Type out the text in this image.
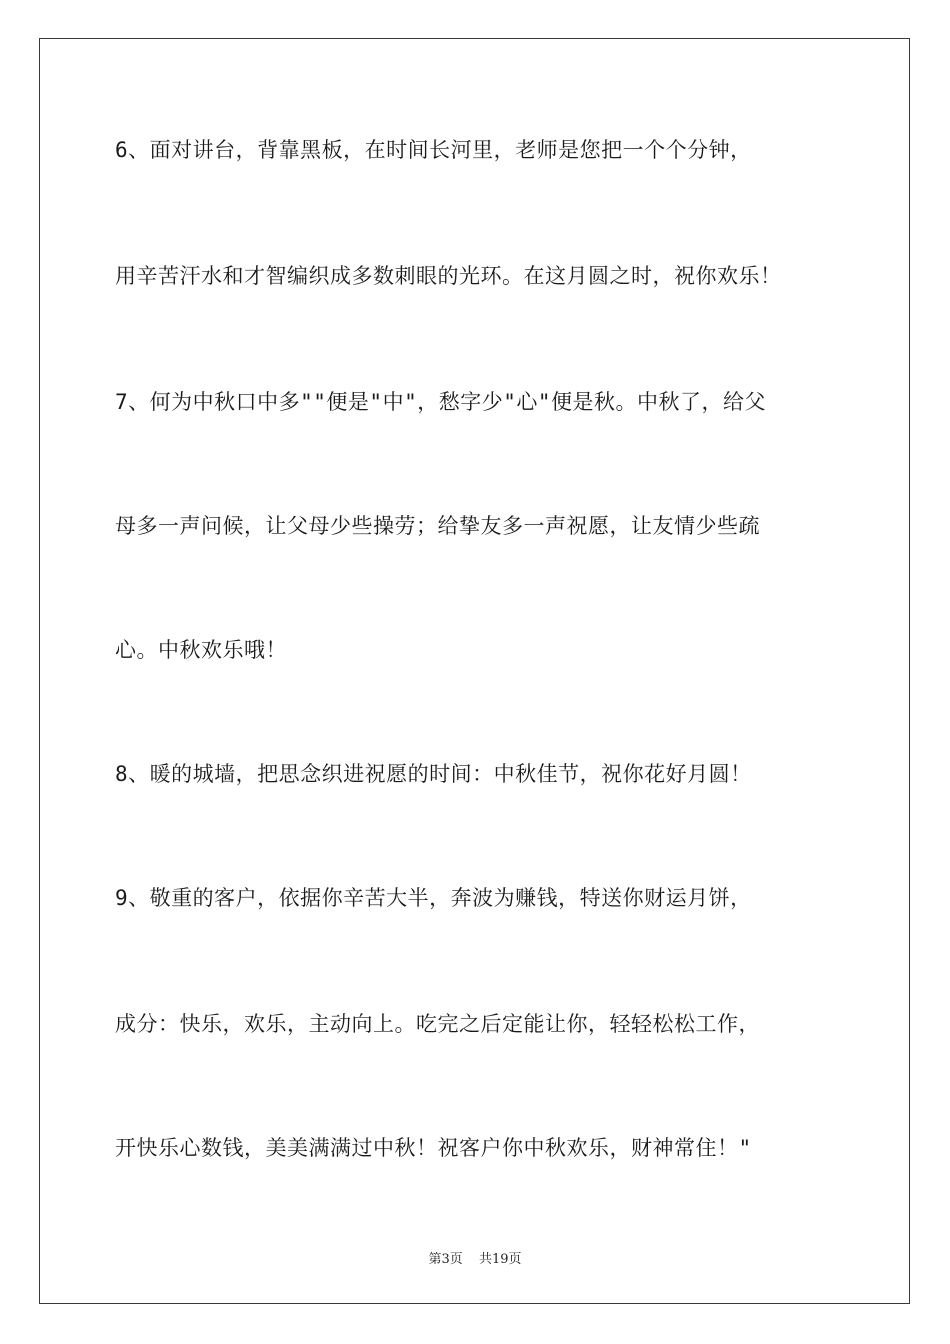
6、面对讲台，背靠黑板，在时间长河里，老师是您把一个个分钟，
用辛苦汗水和才智编织成多数刺眼的光环。在这月圆之时，祝你欢乐！
7、何为中秋口中多""便是"中"，愁字少"心"便是秋。中秋了，给父
母多一声问候，让父母少些操劳；给挚友多一声祝愿，让友情少些疏
心。中秋欢乐哦！
8、暖的城墙，把思念织进祝愿的时间：中秋佳节，祝你花好月圆！
9、敬重的客户，依据你辛苦大半，奔波为赚钱，特送你财运月饼，
成分：快乐，欢乐，主动向上。吃完之后定能让你，轻轻松松工作，
开快乐心数钱，美美满满过中秋！祝客户你中秋欢乐，财神常住！"
第3页 共19页
